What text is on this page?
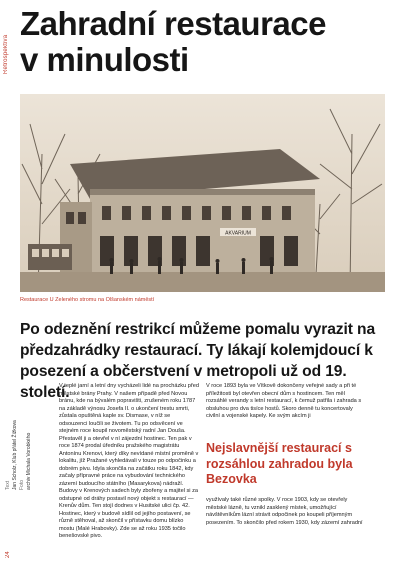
Retrospektiva
Zahradní restaurace
v minulosti
AKVARIUM

Restaurace U Zeleného stromu na Olšanském náměstí

Po odeznění restrikcí můžeme pomalu vyrazit na předzahrádky restaurací. Ty lákají kolemjdoucí k posezení a občerstvení v metropoli už od 19. století.

Text Jan Scholz, Klub přátel Žižkova Foto archiv Michala Vorobkého
24

V teplé jarní a letní dny vycházeli lidé na procházku před městské brány Prahy. V našem případě před Novou bránu, kde na bývalém popravišti, zrušeném roku 1787 na základě výnosu Josefa II. o ukončení trestu smrti, zůstala opuštěná kaple sv. Dismase, v níž se odsouzenci loučili se životem. Tu po odsvěcení ve stejném roce koupil novoměstský radní Jan Douša. Přestavěl ji a otevřel v ní zájezdní hostinec. Ten pak v roce 1874 prodal úředníku pražského magistrátu Antonínu Krenovi, který díky nevídané místní proměně v lokalitu, jíž Pražané vyhledávali v touze po odpočinku a dobrém pivu. Idyla skončila na začátku roku 1842, kdy začaly přípravné práce na vybudování technického zázemí budoucího státního (Masarykova) nádraží. Budovy v Krenových sadech byly zbořeny a majitel si za odstupné od dráhy postavil nový objekt s restaurací — Krenův dům. Ten stojí dodnes v Husitské ulici čp. 42. Hostinec, který v budově sídlil od jejího postavení, se různě stěhoval, až skončil v přístavku domu blízko mostu (Malé Hrabovky). Zde se až roku 1935 točilo benešovské pivo.

V roce 1893 byla ve Vítkově dokončeny veřejné sady a při té příležitosti byl otevřen obecní dům s hostincem. Ten měl rozsáhlé verandy s letní restaurací, k čemuž patřila i zahrada s obsluhou pro dva tisíce hostů. Skoro denně tu koncertovaly civilní a vojenské kapely. Ke svým akcím ji

Nejslavnější restaurací s rozsáhlou zahradou byla Bezovka

využívaly také různé spolky. V roce 1903, kdy se otevřely městské lázně, tu vznikl zasklený místek, umožňující návštěvníkům lázní strávit odpočinek po koupeli příjemným posezením. To skončilo před rokem 1930, kdy zázemí zahradní
